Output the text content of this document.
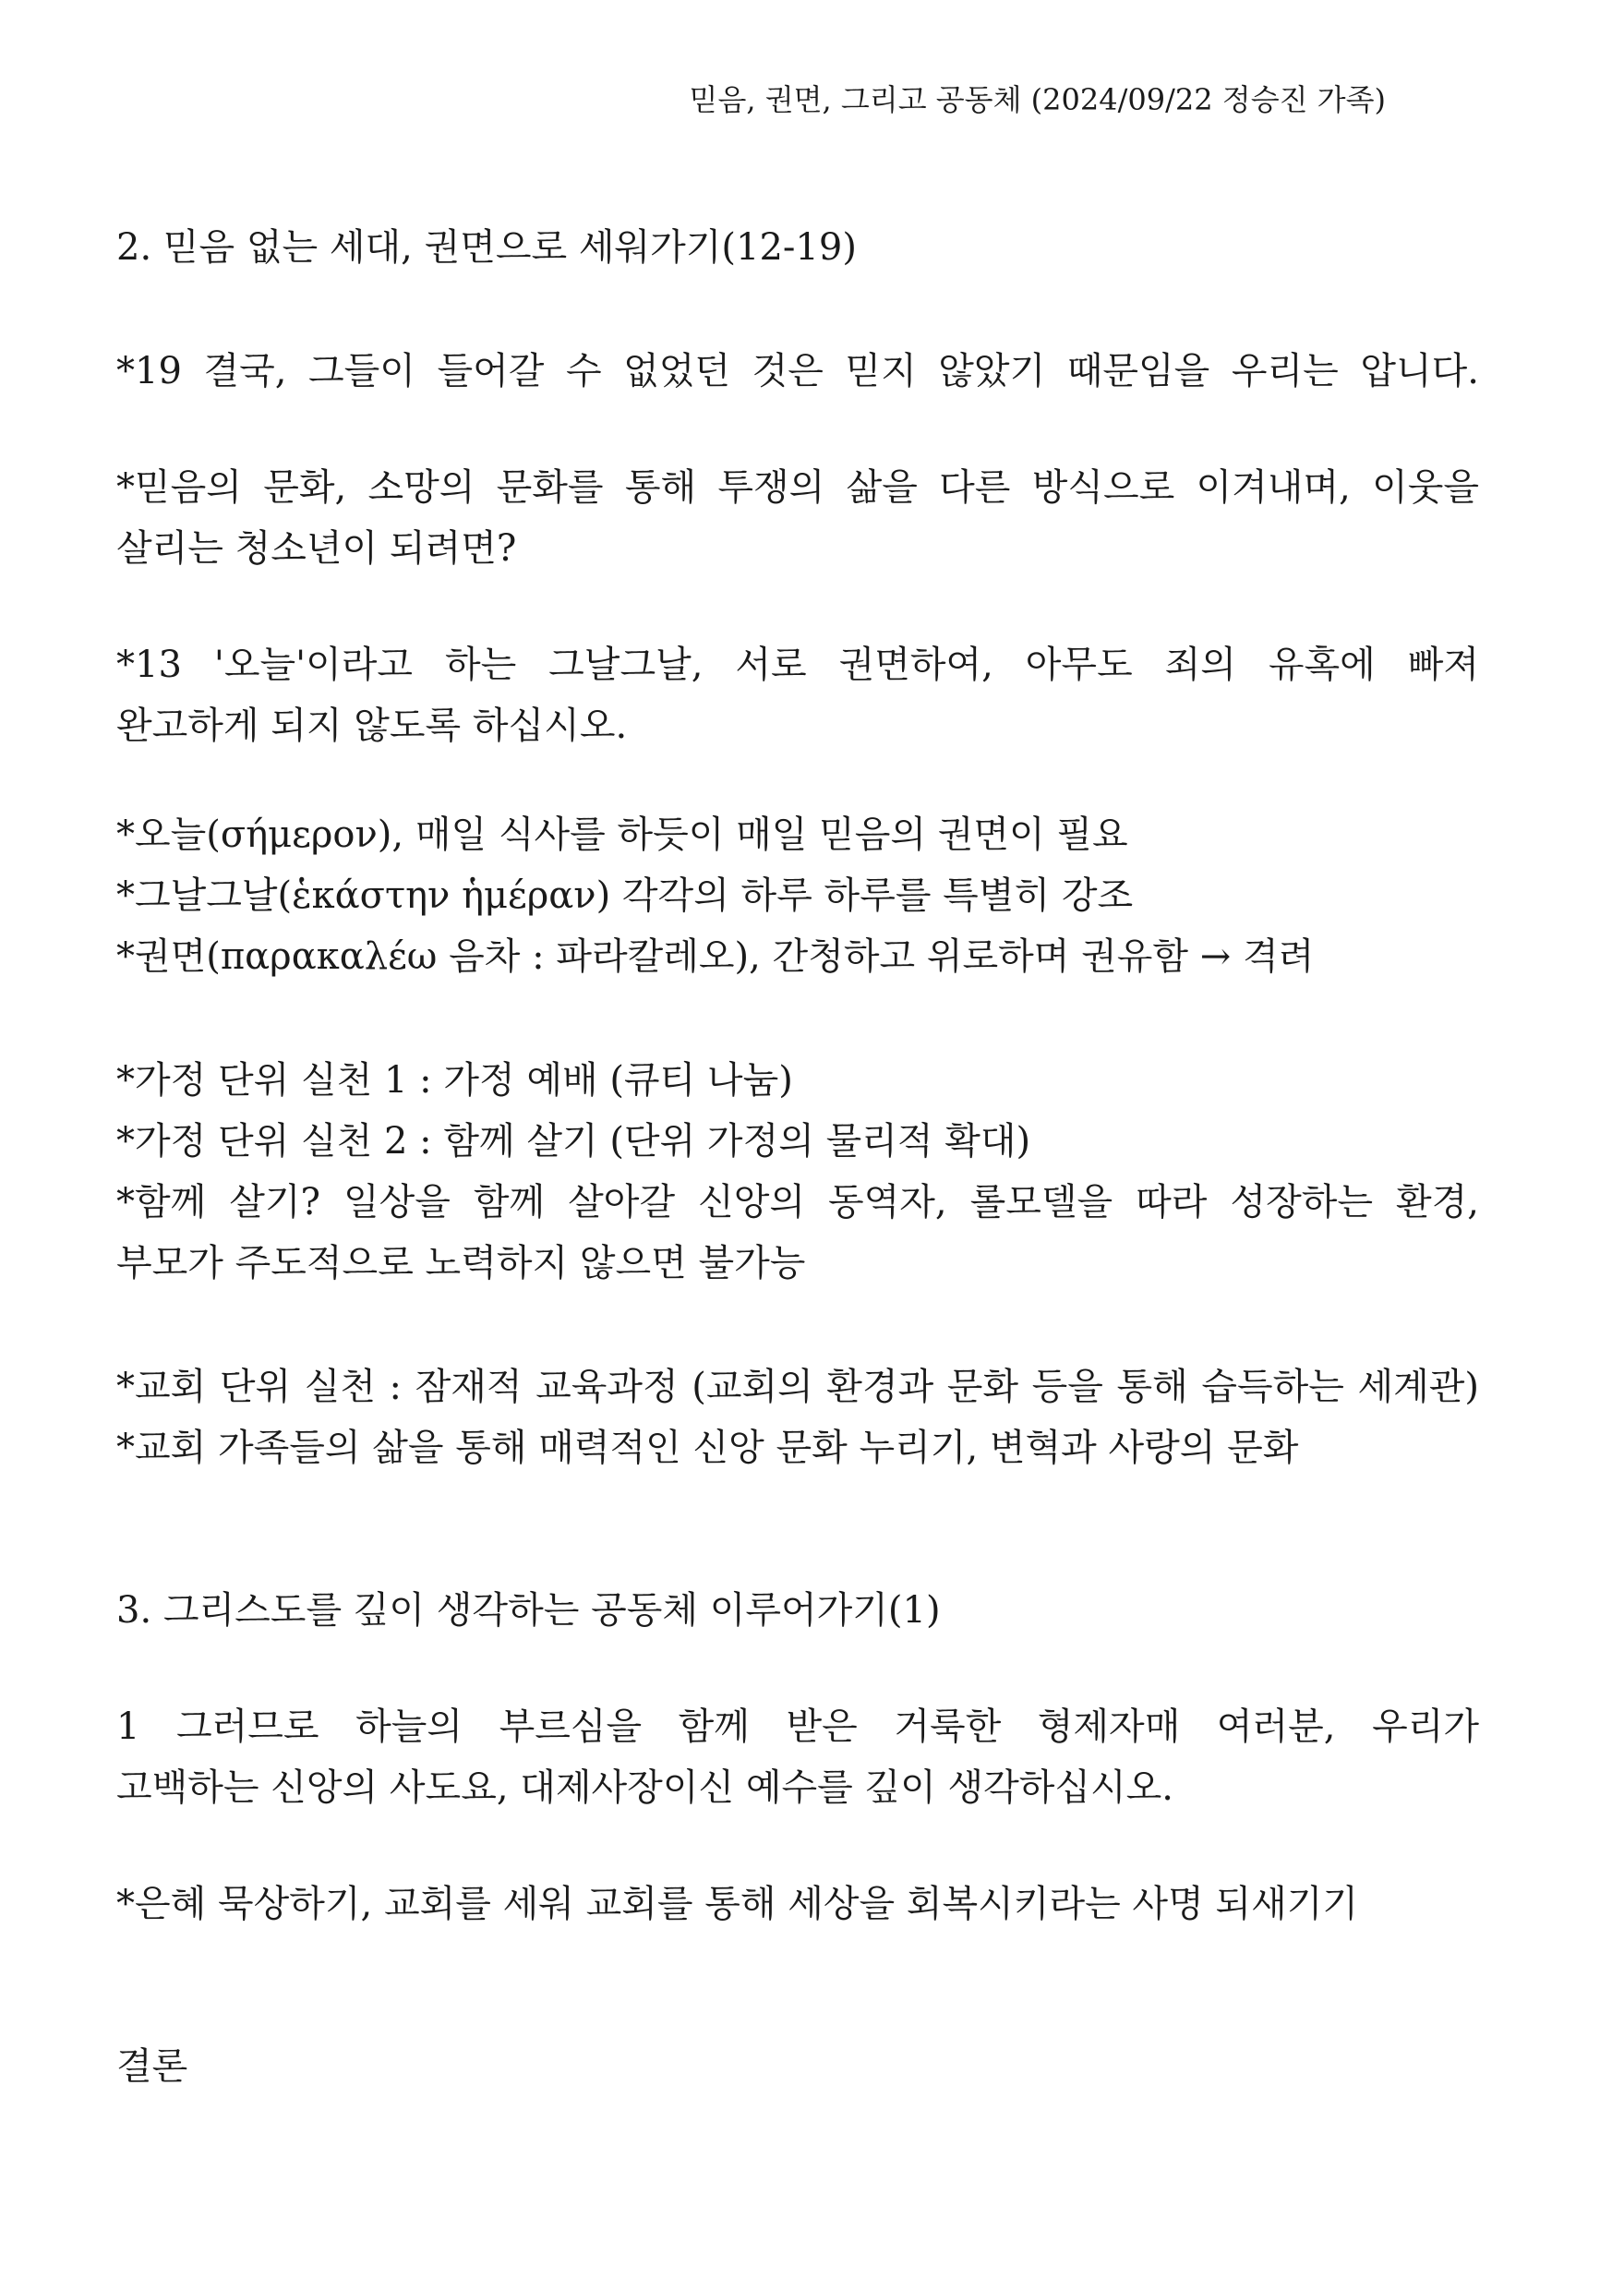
믿음, 권면, 그리고 공동체 (2024/09/22 정승진 가족)
2. 믿음 없는 세대, 권면으로 세워가기(12-19)
*19 결국, 그들이 들어갈 수 없었던 것은 믿지 않았기 때문임을 우리는 압니다.
*믿음의 문화, 소망의 문화를 통해 투쟁의 삶을 다른 방식으로 이겨내며, 이웃을
살리는 청소년이 되려면?
*13 '오늘'이라고 하는 그날그날, 서로 권면하여, 아무도 죄의 유혹에 빠져
완고하게 되지 않도록 하십시오.
*오늘(σήμερον), 매일 식사를 하듯이 매일 믿음의 권면이 필요
*그날그날(ἑκάστην ἡμέραν) 각각의 하루 하루를 특별히 강조
*권면(παρακαλέω 음차 : 파라칼레오), 간청하고 위로하며 권유함 → 격려
*가정 단위 실천 1 : 가정 예배 (큐티 나눔)
*가정 단위 실천 2 : 함께 살기 (단위 가정의 물리적 확대)
*함께 살기? 일상을 함께 살아갈 신앙의 동역자, 롤모델을 따라 성장하는 환경,
부모가 주도적으로 노력하지 않으면 불가능
*교회 단위 실천 : 잠재적 교육과정 (교회의 환경과 문화 등을 통해 습득하는 세계관)
*교회 가족들의 삶을 통해 매력적인 신앙 문화 누리기, 변혁과 사랑의 문화
3. 그리스도를 깊이 생각하는 공동체 이루어가기(1)
1 그러므로 하늘의 부르심을 함께 받은 거룩한 형제자매 여러분, 우리가
고백하는 신앙의 사도요, 대제사장이신 예수를 깊이 생각하십시오.
*은혜 묵상하기, 교회를 세워 교회를 통해 세상을 회복시키라는 사명 되새기기
결론
